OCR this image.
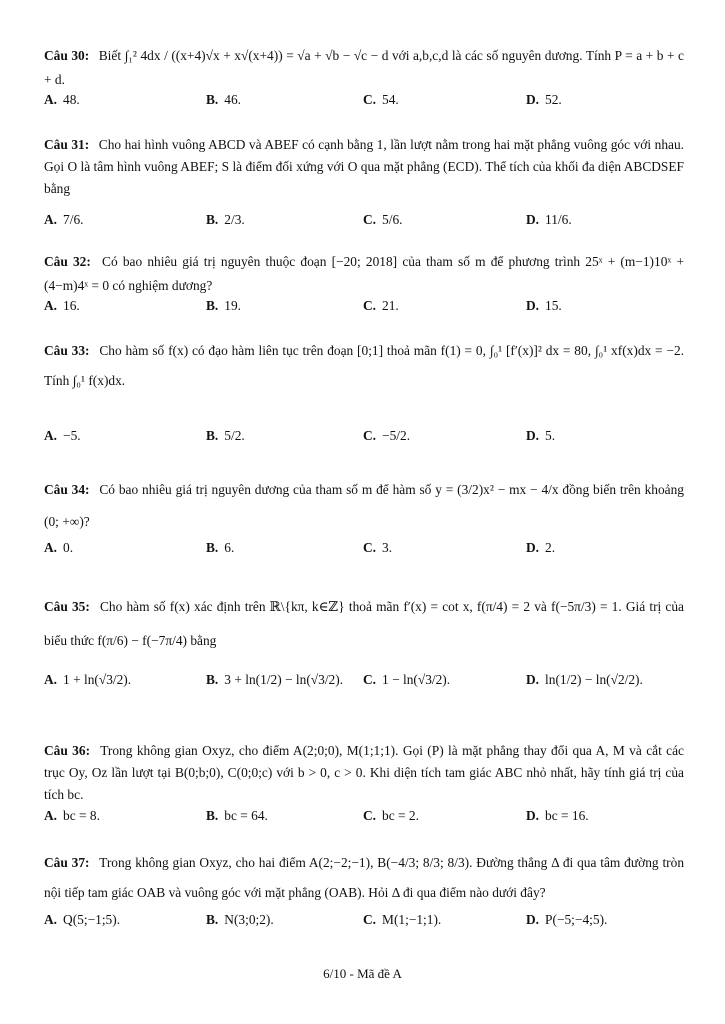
Câu 30: Biết ∫₁² 4dx / ((x+4)√x + x√(x+4)) = √a + √b − √c − d với a,b,c,d là các số nguyên dương. Tính P = a + b + c + d.
A. 48.	B. 46.	C. 54.	D. 52.
Câu 31: Cho hai hình vuông ABCD và ABEF có cạnh bằng 1, lần lượt nằm trong hai mặt phẳng vuông góc với nhau. Gọi O là tâm hình vuông ABEF; S là điểm đối xứng với O qua mặt phẳng (ECD). Thể tích của khối đa diện ABCDSEF bằng
A. 7/6.	B. 2/3.	C. 5/6.	D. 11/6.
Câu 32: Có bao nhiêu giá trị nguyên thuộc đoạn [−20; 2018] của tham số m để phương trình 25ˣ + (m−1)10ˣ + (4−m)4ˣ = 0 có nghiệm dương?
A. 16.	B. 19.	C. 21.	D. 15.
Câu 33: Cho hàm số f(x) có đạo hàm liên tục trên đoạn [0;1] thoả mãn f(1) = 0, ∫₀¹ [f′(x)]² dx = 80, ∫₀¹ xf(x)dx = −2. Tính ∫₀¹ f(x)dx.
A. −5.	B. 5/2.	C. −5/2.	D. 5.
Câu 34: Có bao nhiêu giá trị nguyên dương của tham số m để hàm số y = (3/2)x² − mx − 4/x đồng biến trên khoảng (0; +∞)?
A. 0.	B. 6.	C. 3.	D. 2.
Câu 35: Cho hàm số f(x) xác định trên ℝ\{kπ, k∈ℤ} thoả mãn f′(x) = cot x, f(π/4) = 2 và f(−5π/3) = 1. Giá trị của biểu thức f(π/6) − f(−7π/4) bằng
A. 1 + ln(√3/2).	B. 3 + ln(1/2) − ln(√3/2). C. 1 − ln(√3/2).	D. ln(1/2) − ln(√2/2).
Câu 36: Trong không gian Oxyz, cho điểm A(2;0;0), M(1;1;1). Gọi (P) là mặt phẳng thay đổi qua A, M và cắt các trục Oy, Oz lần lượt tại B(0;b;0), C(0;0;c) với b > 0, c > 0. Khi diện tích tam giác ABC nhỏ nhất, hãy tính giá trị của tích bc.
A. bc = 8.	B. bc = 64.	C. bc = 2.	D. bc = 16.
Câu 37: Trong không gian Oxyz, cho hai điểm A(2;−2;−1), B(−4/3; 8/3; 8/3). Đường thẳng Δ đi qua tâm đường tròn nội tiếp tam giác OAB và vuông góc với mặt phẳng (OAB). Hỏi Δ đi qua điểm nào dưới đây?
A. Q(5;−1;5).	B. N(3;0;2).	C. M(1;−1;1).	D. P(−5;−4;5).
6/10 - Mã đề A
